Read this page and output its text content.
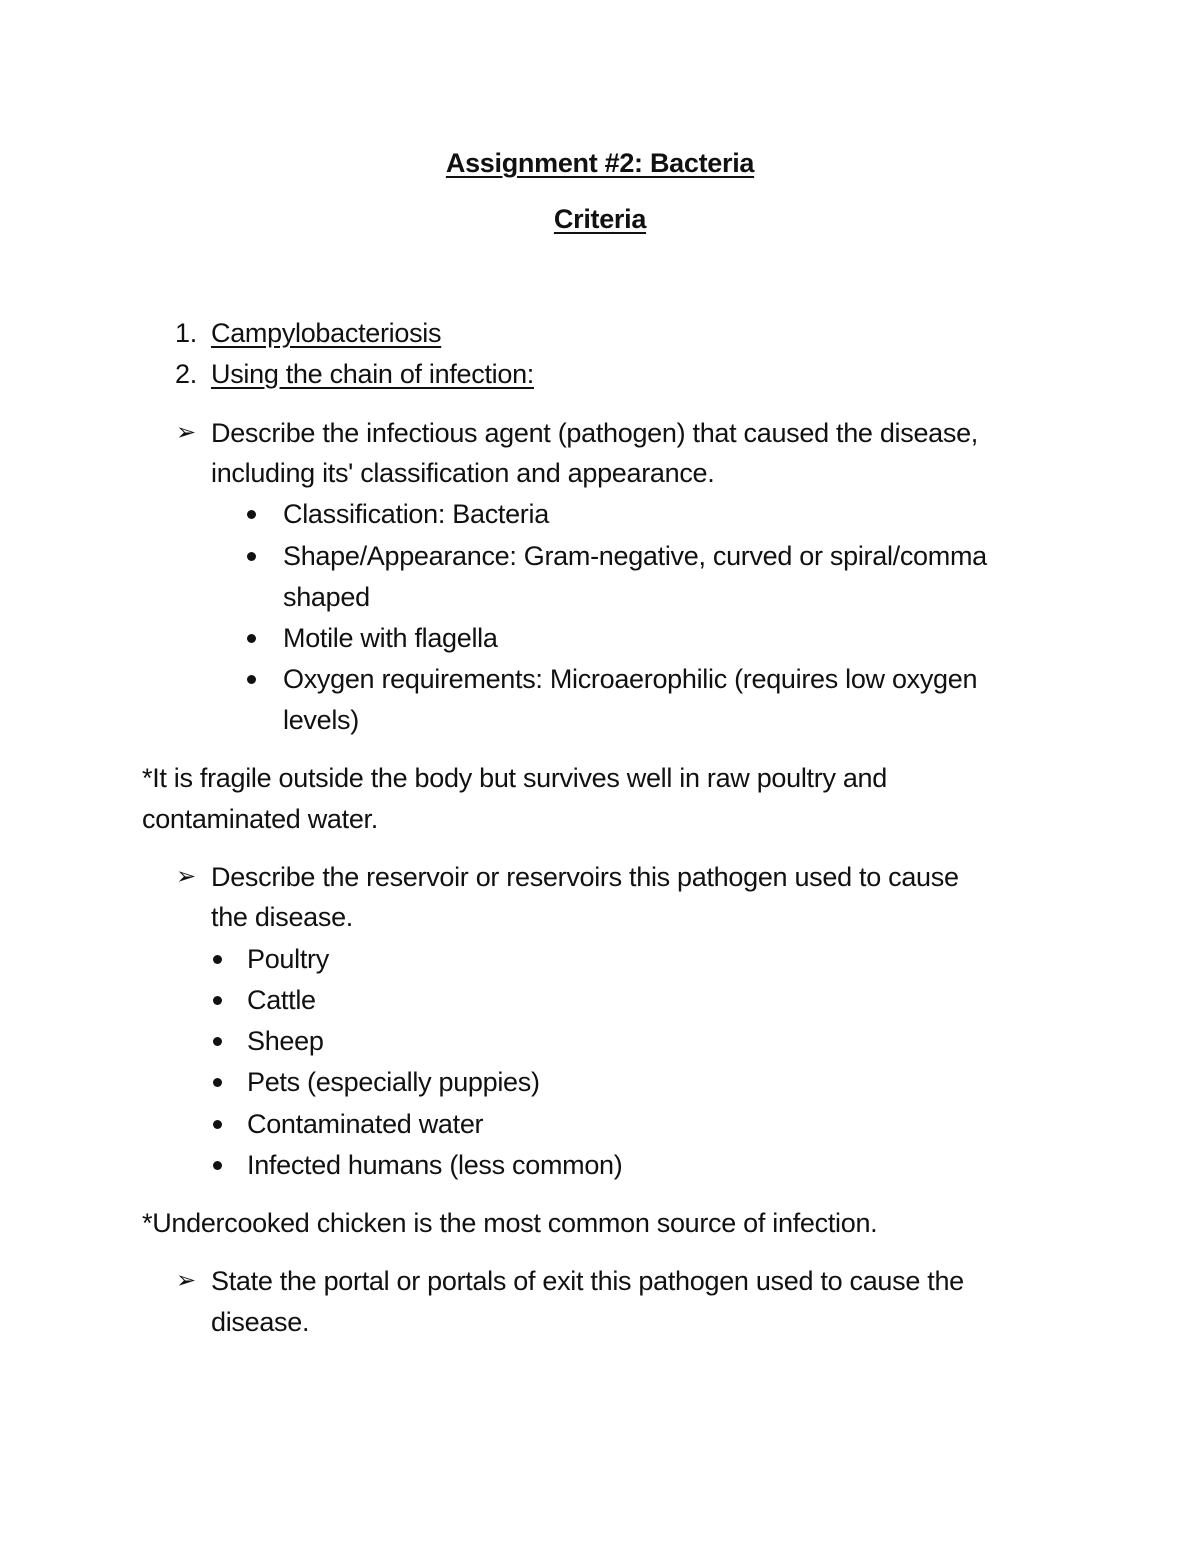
Assignment #2: Bacteria
Criteria
1. Campylobacteriosis
2. Using the chain of infection:
➢ Describe the infectious agent (pathogen) that caused the disease,
including its' classification and appearance.
Classification: Bacteria
Shape/Appearance: Gram-negative, curved or spiral/comma
shaped
Motile with flagella
Oxygen requirements: Microaerophilic (requires low oxygen
levels)
*It is fragile outside the body but survives well in raw poultry and
contaminated water.
➢ Describe the reservoir or reservoirs this pathogen used to cause
the disease.
Poultry
Cattle
Sheep
Pets (especially puppies)
Contaminated water
Infected humans (less common)
*Undercooked chicken is the most common source of infection.
➢ State the portal or portals of exit this pathogen used to cause the
disease.
